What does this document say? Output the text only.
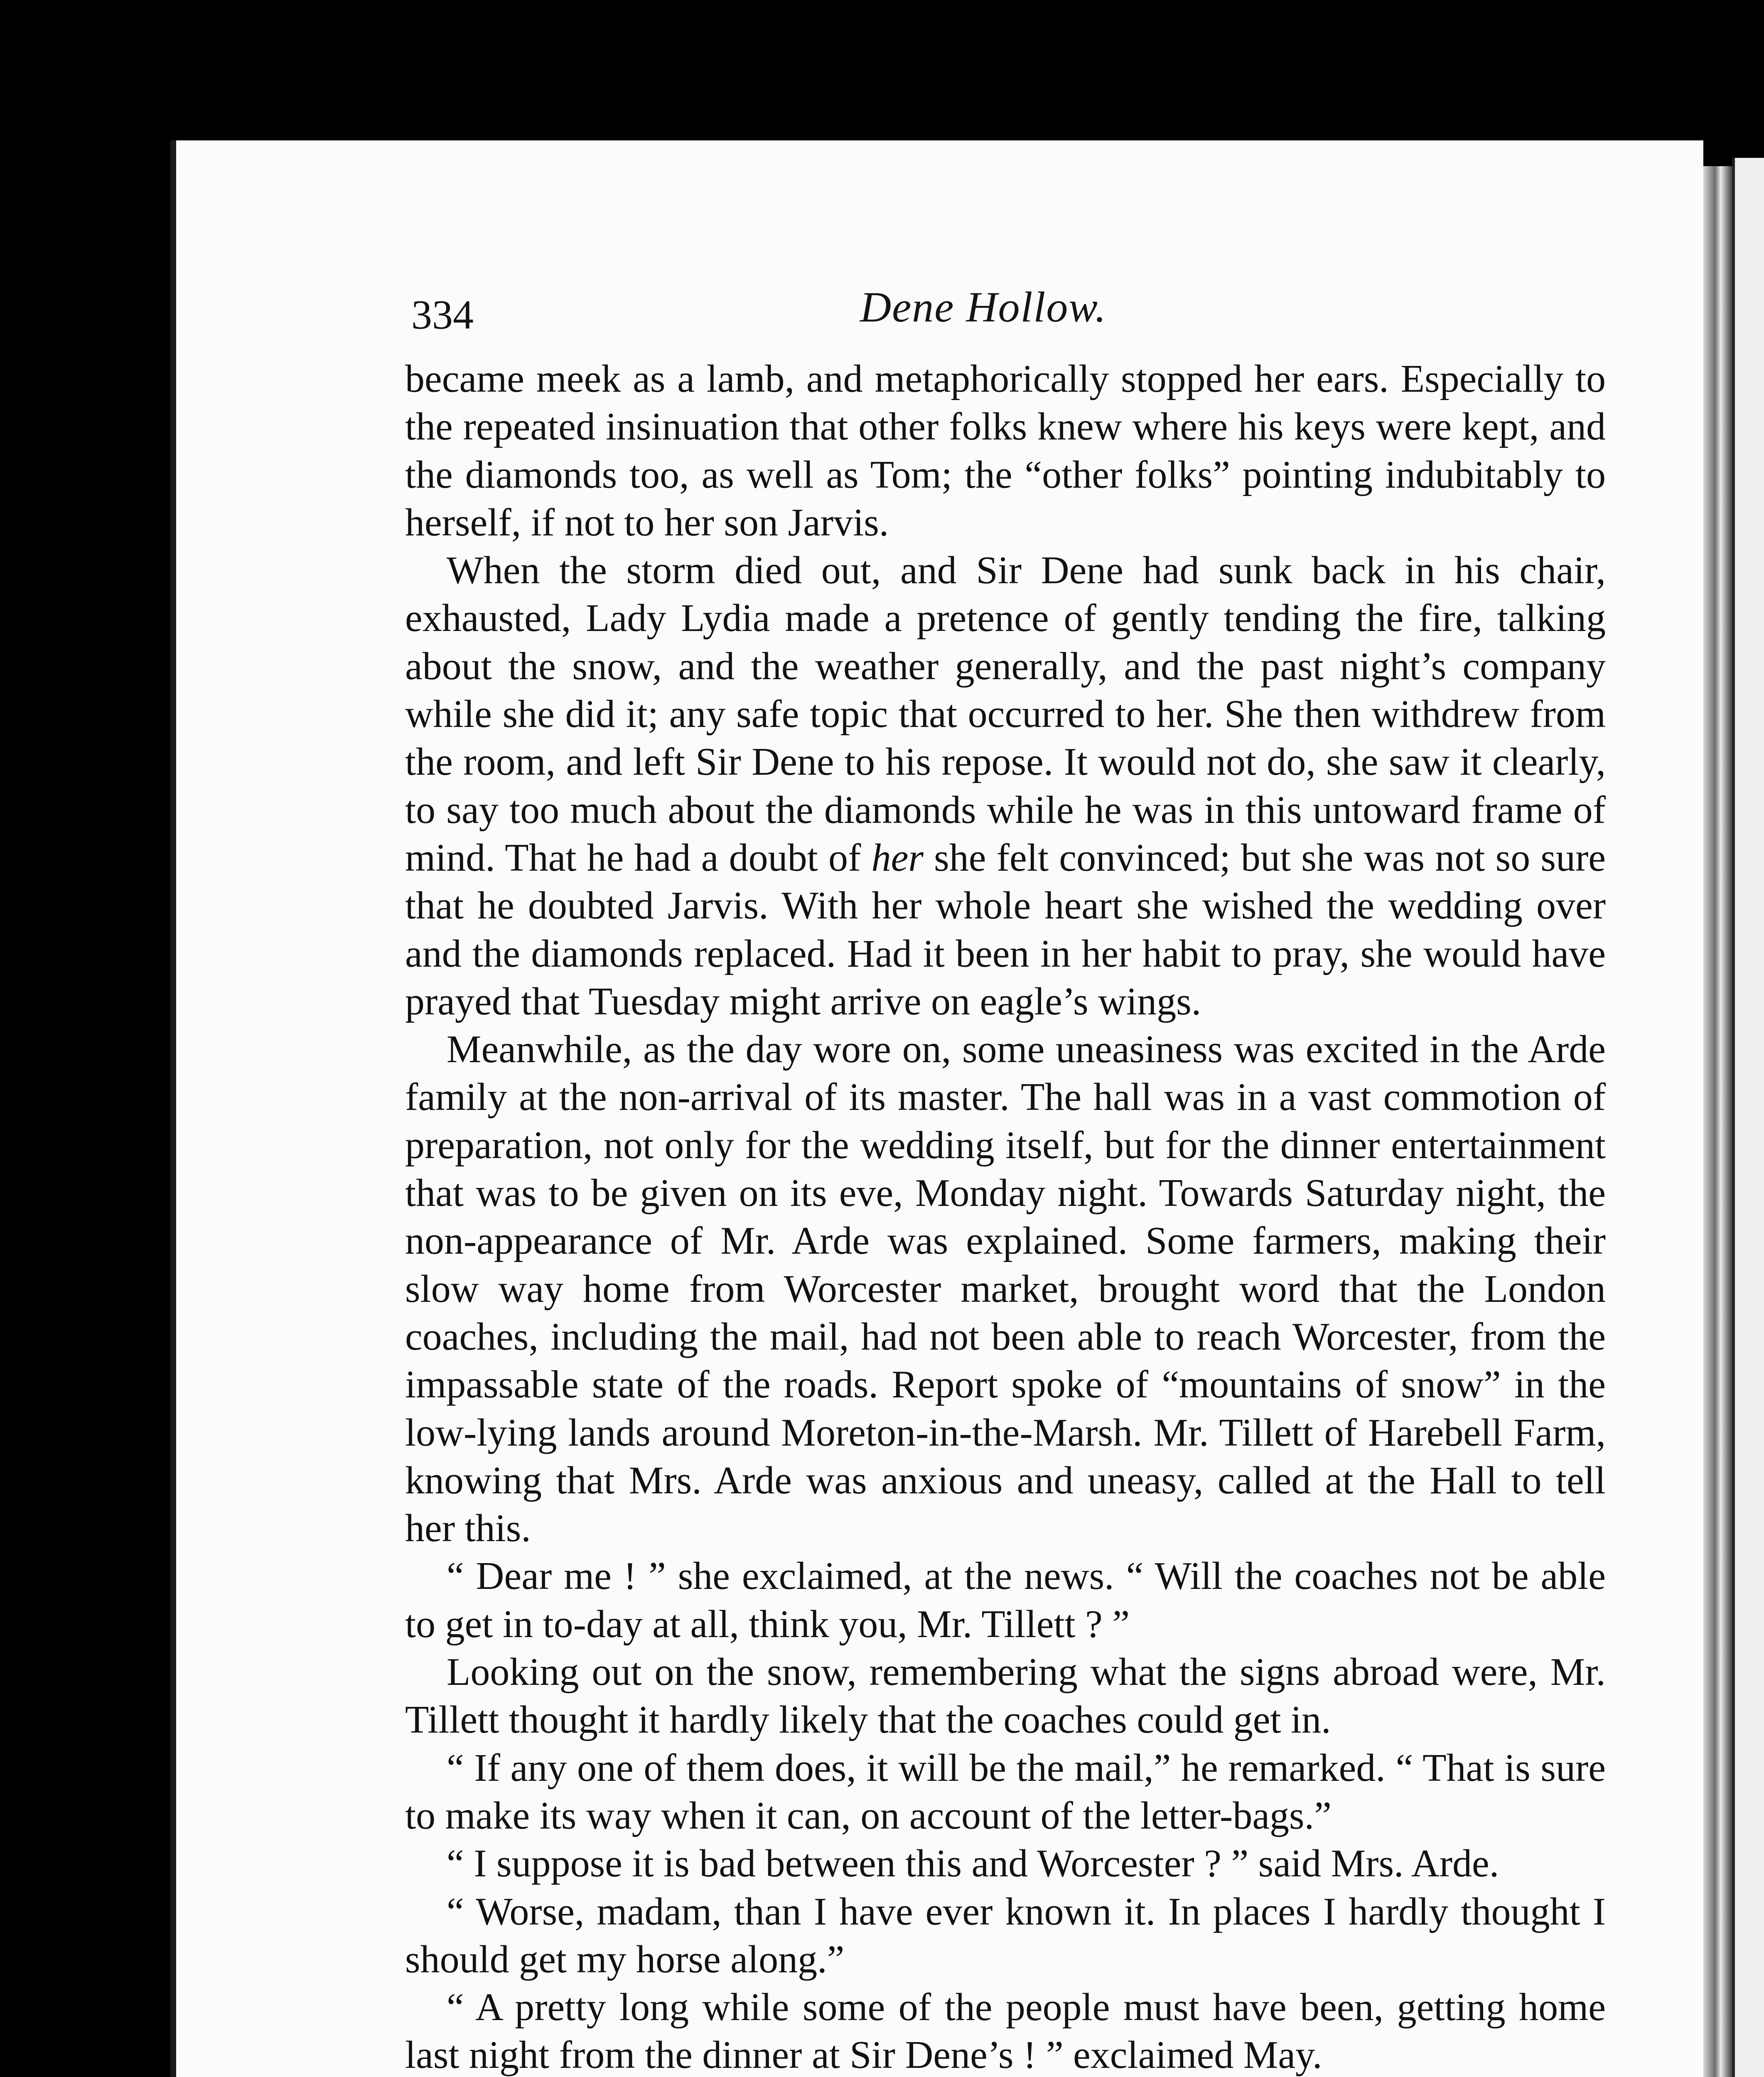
334	Dene Hollow.

became meek as a lamb, and metaphorically stopped her ears. Especially to the repeated insinuation that other folks knew where his keys were kept, and the diamonds too, as well as Tom; the “other folks” pointing indubitably to herself, if not to her son Jarvis.

When the storm died out, and Sir Dene had sunk back in his chair, exhausted, Lady Lydia made a pretence of gently tending the fire, talking about the snow, and the weather generally, and the past night’s company while she did it; any safe topic that occurred to her. She then withdrew from the room, and left Sir Dene to his repose. It would not do, she saw it clearly, to say too much about the diamonds while he was in this untoward frame of mind. That he had a doubt of her she felt convinced; but she was not so sure that he doubted Jarvis. With her whole heart she wished the wedding over and the diamonds replaced. Had it been in her habit to pray, she would have prayed that Tuesday might arrive on eagle’s wings.

Meanwhile, as the day wore on, some uneasiness was excited in the Arde family at the non-arrival of its master. The hall was in a vast commotion of preparation, not only for the wedding itself, but for the dinner entertainment that was to be given on its eve, Monday night. Towards Saturday night, the non-appearance of Mr. Arde was explained. Some farmers, making their slow way home from Worcester market, brought word that the London coaches, including the mail, had not been able to reach Worcester, from the impassable state of the roads. Report spoke of “mountains of snow” in the low-lying lands around Moreton-in-the-Marsh. Mr. Tillett of Harebell Farm, knowing that Mrs. Arde was anxious and uneasy, called at the Hall to tell her this.

“ Dear me ! ” she exclaimed, at the news. “ Will the coaches not be able to get in to-day at all, think you, Mr. Tillett ? ”

Looking out on the snow, remembering what the signs abroad were, Mr. Tillett thought it hardly likely that the coaches could get in.

“ If any one of them does, it will be the mail,” he remarked. “ That is sure to make its way when it can, on account of the letter-bags.”

“ I suppose it is bad between this and Worcester ? ” said Mrs. Arde.

“ Worse, madam, than I have ever known it. In places I hardly thought I should get my horse along.”

“ A pretty long while some of the people must have been, getting home last night from the dinner at Sir Dene’s ! ” exclaimed May.
